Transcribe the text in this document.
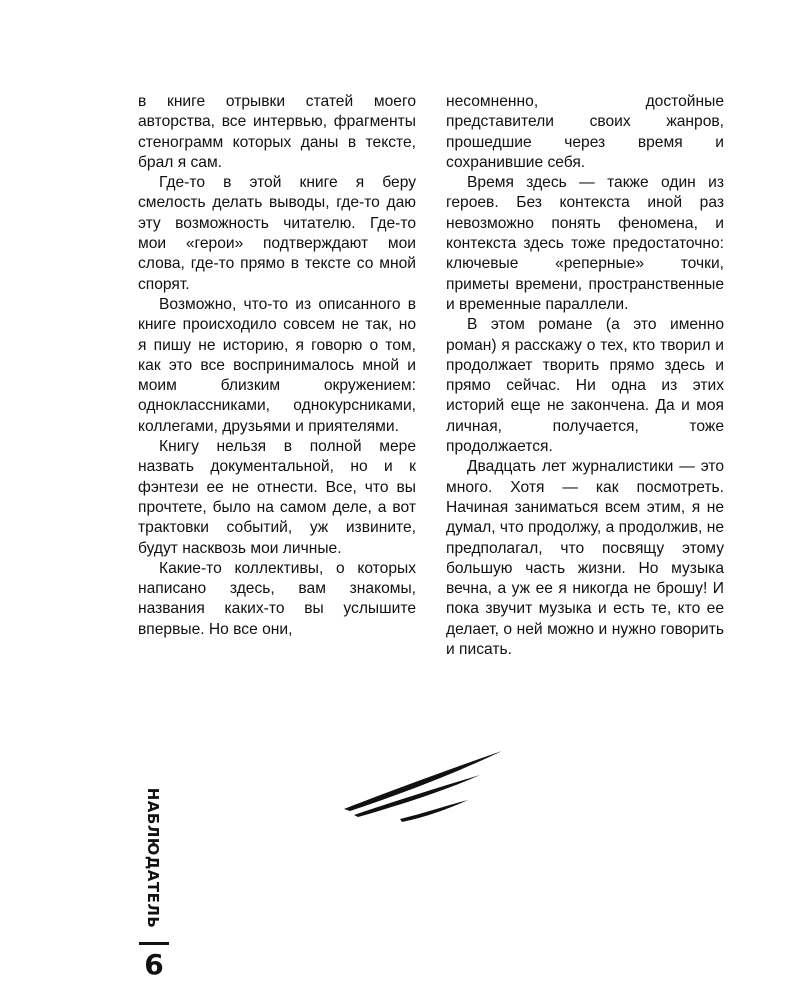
НАБЛЮДАТЕЛЬ
6

в книге отрывки статей моего авторства, все интервью, фрагменты стенограмм которых даны в тексте, брал я сам.

Где-то в этой книге я беру смелость делать выводы, где-то даю эту возможность читателю. Где-то мои «герои» подтверждают мои слова, где-то прямо в тексте со мной спорят.

Возможно, что-то из описанного в книге происходило совсем не так, но я пишу не историю, я говорю о том, как это все воспринималось мной и моим близким окружением: одноклассниками, однокурсниками, коллегами, друзьями и приятелями.

Книгу нельзя в полной мере назвать документальной, но и к фэнтези ее не отнести. Все, что вы прочтете, было на самом деле, а вот трактовки событий, уж извините, будут насквозь мои личные.

Какие-то коллективы, о которых написано здесь, вам знакомы, названия каких-то вы услышите впервые. Но все они,

несомненно, достойные представители своих жанров, прошедшие через время и сохранившие себя.

Время здесь — также один из героев. Без контекста иной раз невозможно понять феномена, и контекста здесь тоже предостаточно: ключевые «реперные» точки, приметы времени, пространственные и временные параллели.

В этом романе (а это именно роман) я расскажу о тех, кто творил и продолжает творить прямо здесь и прямо сейчас. Ни одна из этих историй еще не закончена. Да и моя личная, получается, тоже продолжается.

Двадцать лет журналистики — это много. Хотя — как посмотреть. Начиная заниматься всем этим, я не думал, что продолжу, а продолжив, не предполагал, что посвящу этому большую часть жизни. Но музыка вечна, а уж ее я никогда не брошу! И пока звучит музыка и есть те, кто ее делает, о ней можно и нужно говорить и писать.
